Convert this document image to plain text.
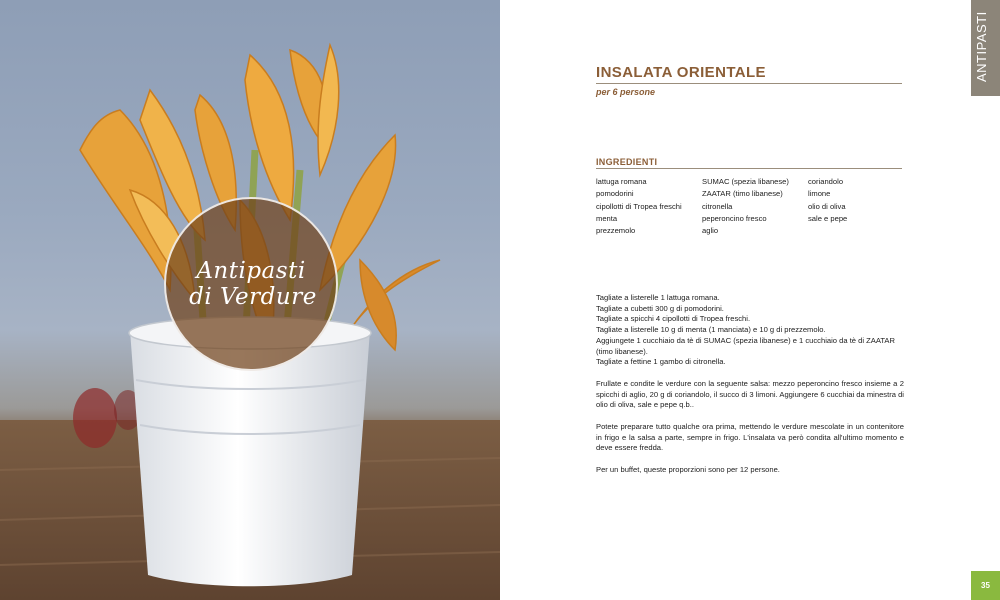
Antipasti
di Verdure
ANTIPASTI
INSALATA ORIENTALE
per 6 persone
INGREDIENTI
lattuga romana
pomodorini
cipollotti di Tropea freschi
menta
prezzemolo
SUMAC (spezia libanese)
ZAATAR (timo libanese)
citronella
peperoncino fresco
aglio
coriandolo
limone
olio di oliva
sale e pepe

Tagliate a listerelle 1 lattuga romana.
Tagliate a cubetti 300 g di pomodorini.
Tagliate a spicchi 4 cipollotti di Tropea freschi.
Tagliate a listerelle 10 g di menta (1 manciata) e 10 g di prezzemolo.
Aggiungete 1 cucchiaio da tè di SUMAC (spezia libanese) e 1 cucchiaio da tè di ZAATAR (timo libanese).
Tagliate a fettine 1 gambo di citronella.

Frullate e condite le verdure con la seguente salsa: mezzo peperoncino fresco insieme a 2 spicchi di aglio, 20 g di coriandolo, il succo di 3 limoni. Aggiungere 6 cucchiai da minestra di olio di oliva, sale e pepe q.b..

Potete preparare tutto qualche ora prima, mettendo le verdure mescolate in un contenitore in frigo e la salsa a parte, sempre in frigo. L'insalata va però condita all'ultimo momento e deve essere fredda.

Per un buffet, queste proporzioni sono per 12 persone.

35
